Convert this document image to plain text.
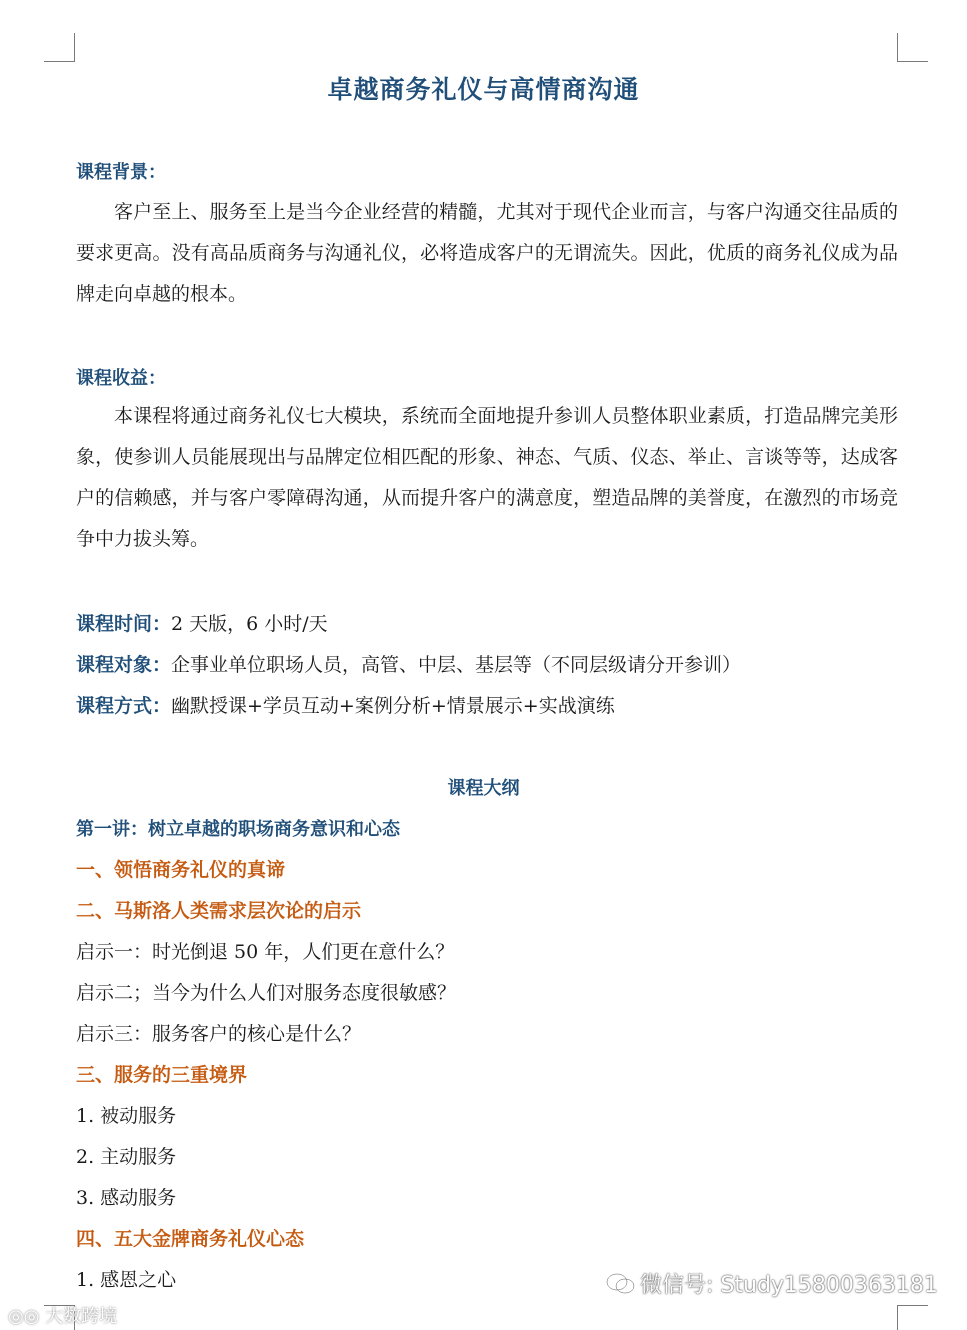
卓越商务礼仪与高情商沟通
课程背景：
客户至上、服务至上是当今企业经营的精髓，尤其对于现代企业而言，与客户沟通交往品质的要求更高。没有高品质商务与沟通礼仪，必将造成客户的无谓流失。因此，优质的商务礼仪成为品牌走向卓越的根本。
课程收益：
本课程将通过商务礼仪七大模块，系统而全面地提升参训人员整体职业素质，打造品牌完美形象，使参训人员能展现出与品牌定位相匹配的形象、神态、气质、仪态、举止、言谈等等，达成客户的信赖感，并与客户零障碍沟通，从而提升客户的满意度，塑造品牌的美誉度，在激烈的市场竞争中力拔头筹。
课程时间：2 天版，6 小时/天
课程对象：企事业单位职场人员，高管、中层、基层等（不同层级请分开参训）
课程方式：幽默授课+学员互动+案例分析+情景展示+实战演练
课程大纲
第一讲：树立卓越的职场商务意识和心态
一、领悟商务礼仪的真谛
二、马斯洛人类需求层次论的启示
启示一：时光倒退 50 年，人们更在意什么？
启示二；当今为什么人们对服务态度很敏感？
启示三：服务客户的核心是什么？
三、服务的三重境界
1. 被动服务
2. 主动服务
3. 感动服务
四、五大金牌商务礼仪心态
1. 感恩之心	微信号: Study15800363181
◎◎ 大数跨境
